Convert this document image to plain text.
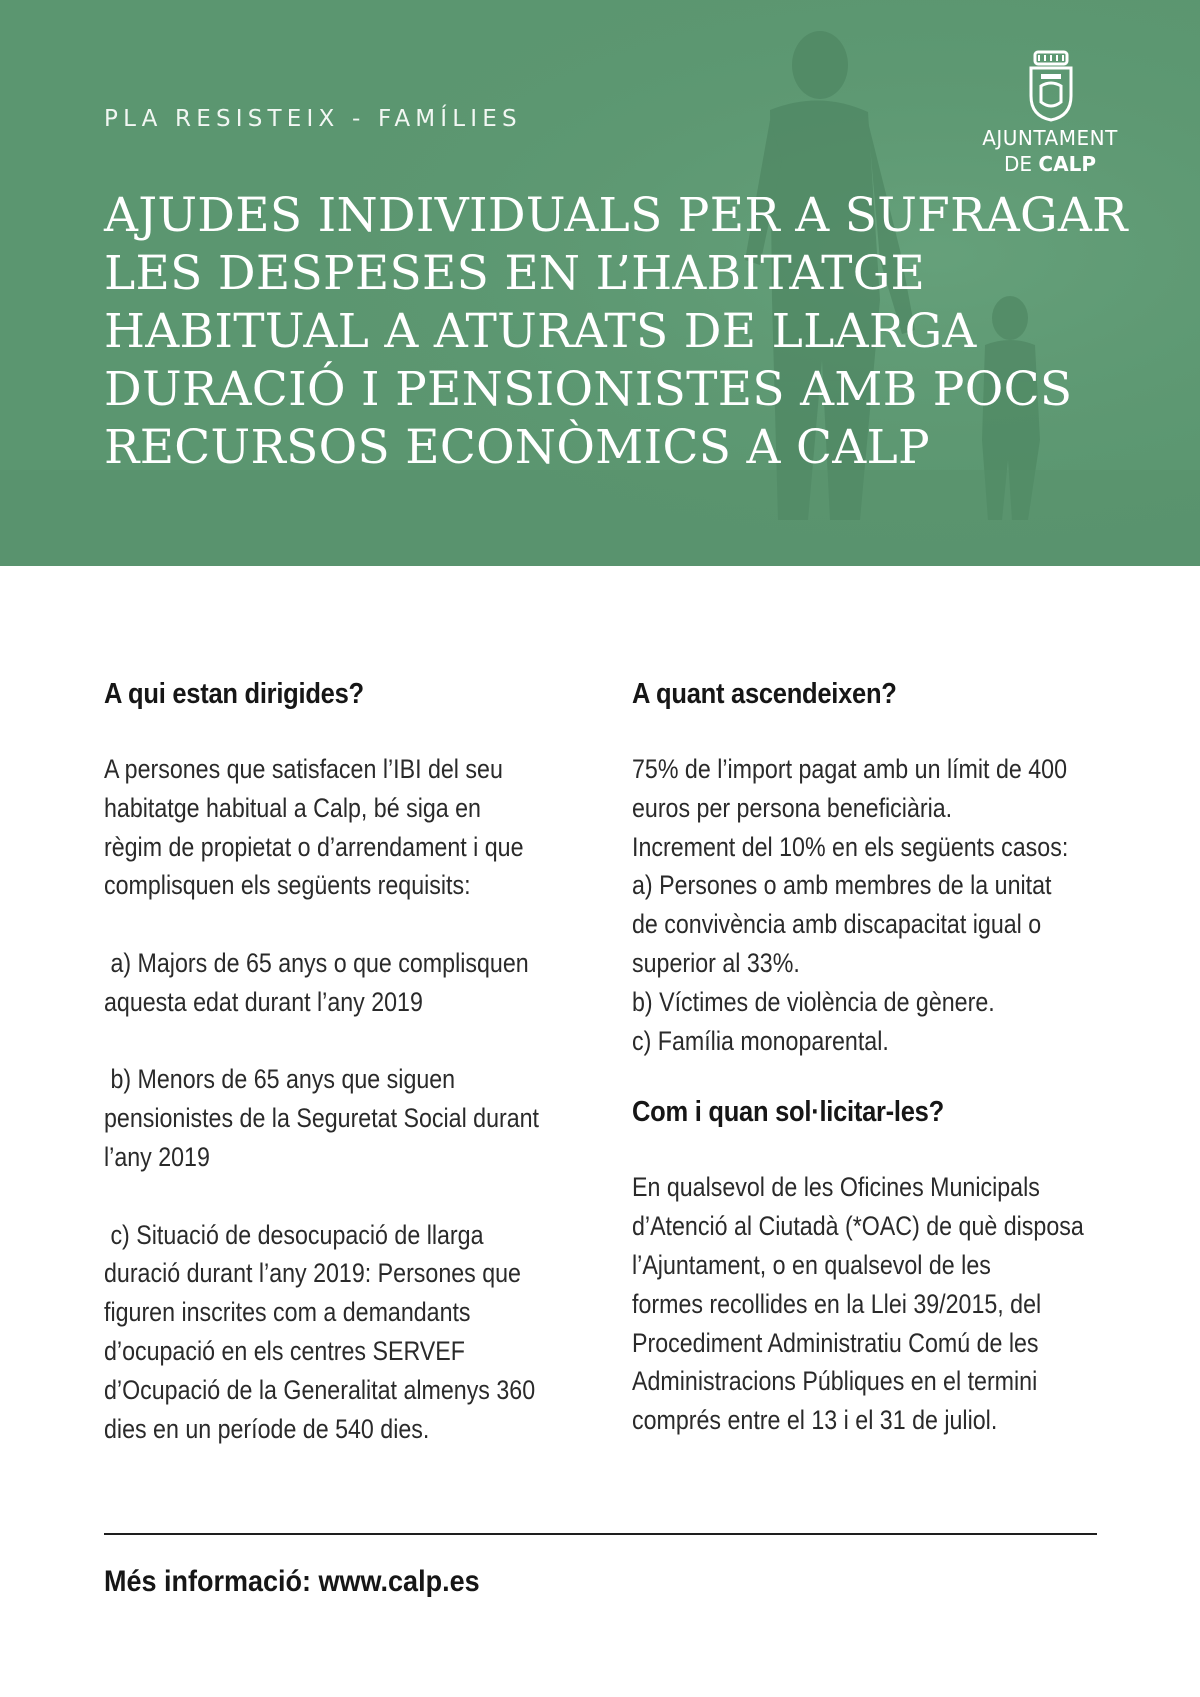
PLA RESISTEIX - FAMÍLIES

AJUNTAMENT

DE CALP
AJUDES INDIVIDUALS PER A SUFRAGAR
LES DESPESES EN L’HABITATGE
HABITUAL A ATURATS DE LLARGA
DURACIÓ I PENSIONISTES AMB POCS
RECURSOS ECONÒMICS A CALP
A qui estan dirigides?

A persones que satisfacen l’IBI del seu
habitatge habitual a Calp, bé siga en
règim de propietat o d’arrendament i que
complisquen els següents requisits:

a) Majors de 65 anys o que complisquen
aquesta edat durant l’any 2019

b) Menors de 65 anys que siguen
pensionistes de la Seguretat Social durant
l’any 2019

c) Situació de desocupació de llarga
duració durant l’any 2019: Persones que
figuren inscrites com a demandants
d’ocupació en els centres SERVEF
d’Ocupació de la Generalitat almenys 360
dies en un període de 540 dies.

A quant ascendeixen?

75% de l’import pagat amb un límit de 400
euros per persona beneficiària.
Increment del 10% en els següents casos:
a) Persones o amb membres de la unitat
de convivència amb discapacitat igual o
superior al 33%.
b) Víctimes de violència de gènere.
c) Família monoparental.

Com i quan sol·licitar-les?

En qualsevol de les Oficines Municipals
d’Atenció al Ciutadà (*OAC) de què disposa
l’Ajuntament, o en qualsevol de les
formes recollides en la Llei 39/2015, del
Procediment Administratiu Comú de les
Administracions Públiques en el termini
comprés entre el 13 i el 31 de juliol.

Més informació: www.calp.es
